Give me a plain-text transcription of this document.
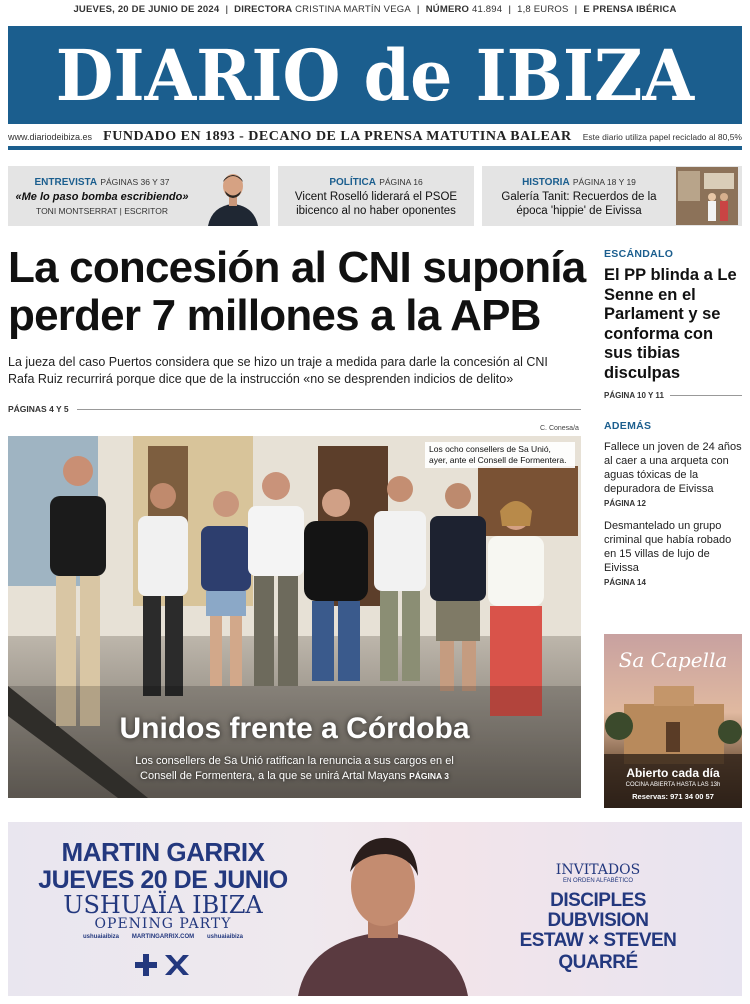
JUEVES, 20 DE JUNIO DE 2024 | DIRECTORA CRISTINA MARTÍN VEGA | NÚMERO 41.894 | 1,8 EUROS | E PRENSA IBÉRICA
DIARIO de IBIZA
www.diariodeibiza.es FUNDADO EN 1893 - DECANO DE LA PRENSA MATUTINA BALEAR Este diario utiliza papel reciclado al 80,5%
ENTREVISTA PÁGINAS 36 Y 37
«Me lo paso bomba escribiendo»
TONI MONTSERRAT | ESCRITOR
POLÍTICA PÁGINA 16
Vicent Roselló liderará el PSOE ibicenco al no haber oponentes
HISTORIA PÁGINA 18 Y 19
Galería Tanit: Recuerdos de la época 'hippie' de Eivissa
La concesión al CNI suponía perder 7 millones a la APB
La jueza del caso Puertos considera que se hizo un traje a medida para darle la concesión al CNI
Rafa Ruiz recurrirá porque dice que de la instrucción «no se desprenden indicios de delito»
PÁGINAS 4 Y 5
C. Conesa/a
Los ocho consellers de Sa Unió, ayer, ante el Consell de Formentera.
Unidos frente a Córdoba
Los consellers de Sa Unió ratifican la renuncia a sus cargos en el
Consell de Formentera, a la que se unirá Artal Mayans PÁGINA 3
ESCÁNDALO
El PP blinda a Le Senne en el Parlament y se conforma con sus tibias disculpas
PÁGINA 10 Y 11
ADEMÁS
Fallece un joven de 24 años al caer a una arqueta con aguas tóxicas de la depuradora de Eivissa
PÁGINA 12
Desmantelado un grupo criminal que había robado en 15 villas de lujo de Eivissa
PÁGINA 14
Sa Capella
Abierto cada día
COCINA ABIERTA HASTA LAS 13h
Reservas: 971 34 00 57
MARTIN GARRIX
JUEVES 20 DE JUNIO
USHUAÏA IBIZA
OPENING PARTY
ushuaiaibiza MARTINGARRIX.COM ushuaiaibiza
INVITADOS
EN ORDEN ALFABÉTICO
DISCIPLES
DUBVISION
ESTAW × STEVEN QUARRÉ
